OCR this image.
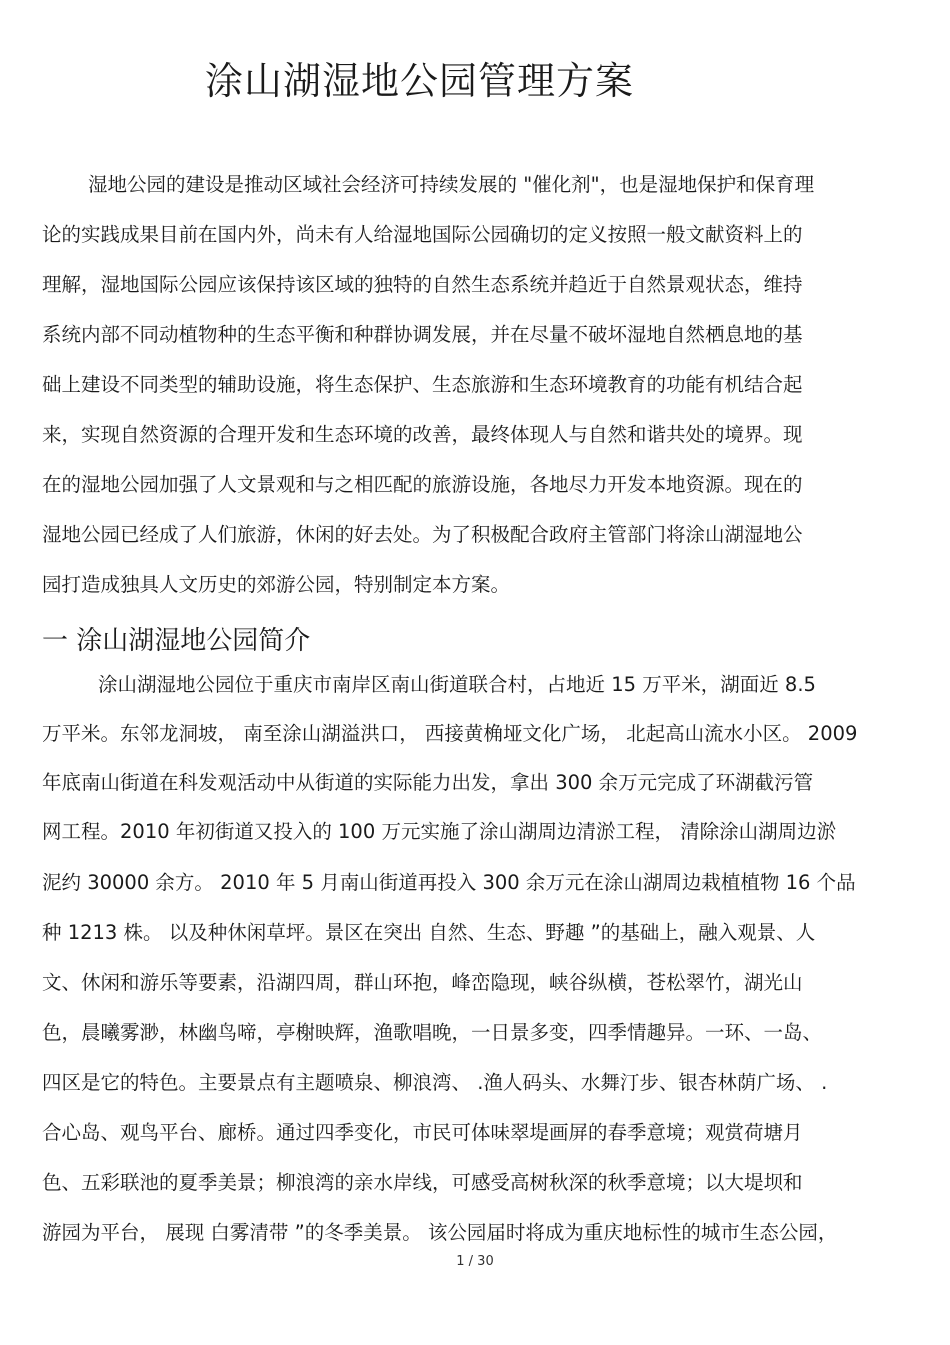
涂山湖湿地公园管理方案
湿地公园的建设是推动区域社会经济可持续发展的 "催化剂"，也是湿地保护和保育理
论的实践成果目前在国内外，尚未有人给湿地国际公园确切的定义按照一般文献资料上的
理解，湿地国际公园应该保持该区域的独特的自然生态系统并趋近于自然景观状态，维持
系统内部不同动植物种的生态平衡和种群协调发展，并在尽量不破坏湿地自然栖息地的基
础上建设不同类型的辅助设施，将生态保护、生态旅游和生态环境教育的功能有机结合起
来，实现自然资源的合理开发和生态环境的改善，最终体现人与自然和谐共处的境界。现
在的湿地公园加强了人文景观和与之相匹配的旅游设施，各地尽力开发本地资源。现在的
湿地公园已经成了人们旅游，休闲的好去处。为了积极配合政府主管部门将涂山湖湿地公
园打造成独具人文历史的郊游公园，特别制定本方案。
一 涂山湖湿地公园简介
涂山湖湿地公园位于重庆市南岸区南山街道联合村，占地近 15 万平米，湖面近 8.5
万平米。东邻龙洞坡， 南至涂山湖溢洪口， 西接黄桷垭文化广场， 北起高山流水小区。 2009
年底南山街道在科发观活动中从街道的实际能力出发，拿出 300 余万元完成了环湖截污管
网工程。2010 年初街道又投入的 100 万元实施了涂山湖周边清淤工程， 清除涂山湖周边淤
泥约 30000 余方。 2010 年 5 月南山街道再投入 300 余万元在涂山湖周边栽植植物 16 个品
种 1213 株。 以及种休闲草坪。景区在突出 自然、生态、野趣 ”的基础上，融入观景、人
文、休闲和游乐等要素，沿湖四周，群山环抱，峰峦隐现，峡谷纵横，苍松翠竹，湖光山
色，晨曦雾渺，林幽鸟啼，亭榭映辉，渔歌唱晚，一日景多变，四季情趣异。一环、一岛、
四区是它的特色。主要景点有主题喷泉、柳浪湾、 .渔人码头、水舞汀步、银杏林荫广场、 .
合心岛、观鸟平台、廊桥。通过四季变化，市民可体味翠堤画屏的春季意境；观赏荷塘月
色、五彩联池的夏季美景；柳浪湾的亲水岸线，可感受高树秋深的秋季意境；以大堤坝和
游园为平台， 展现 白雾清带 ”的冬季美景。 该公园届时将成为重庆地标性的城市生态公园，
1 / 30
